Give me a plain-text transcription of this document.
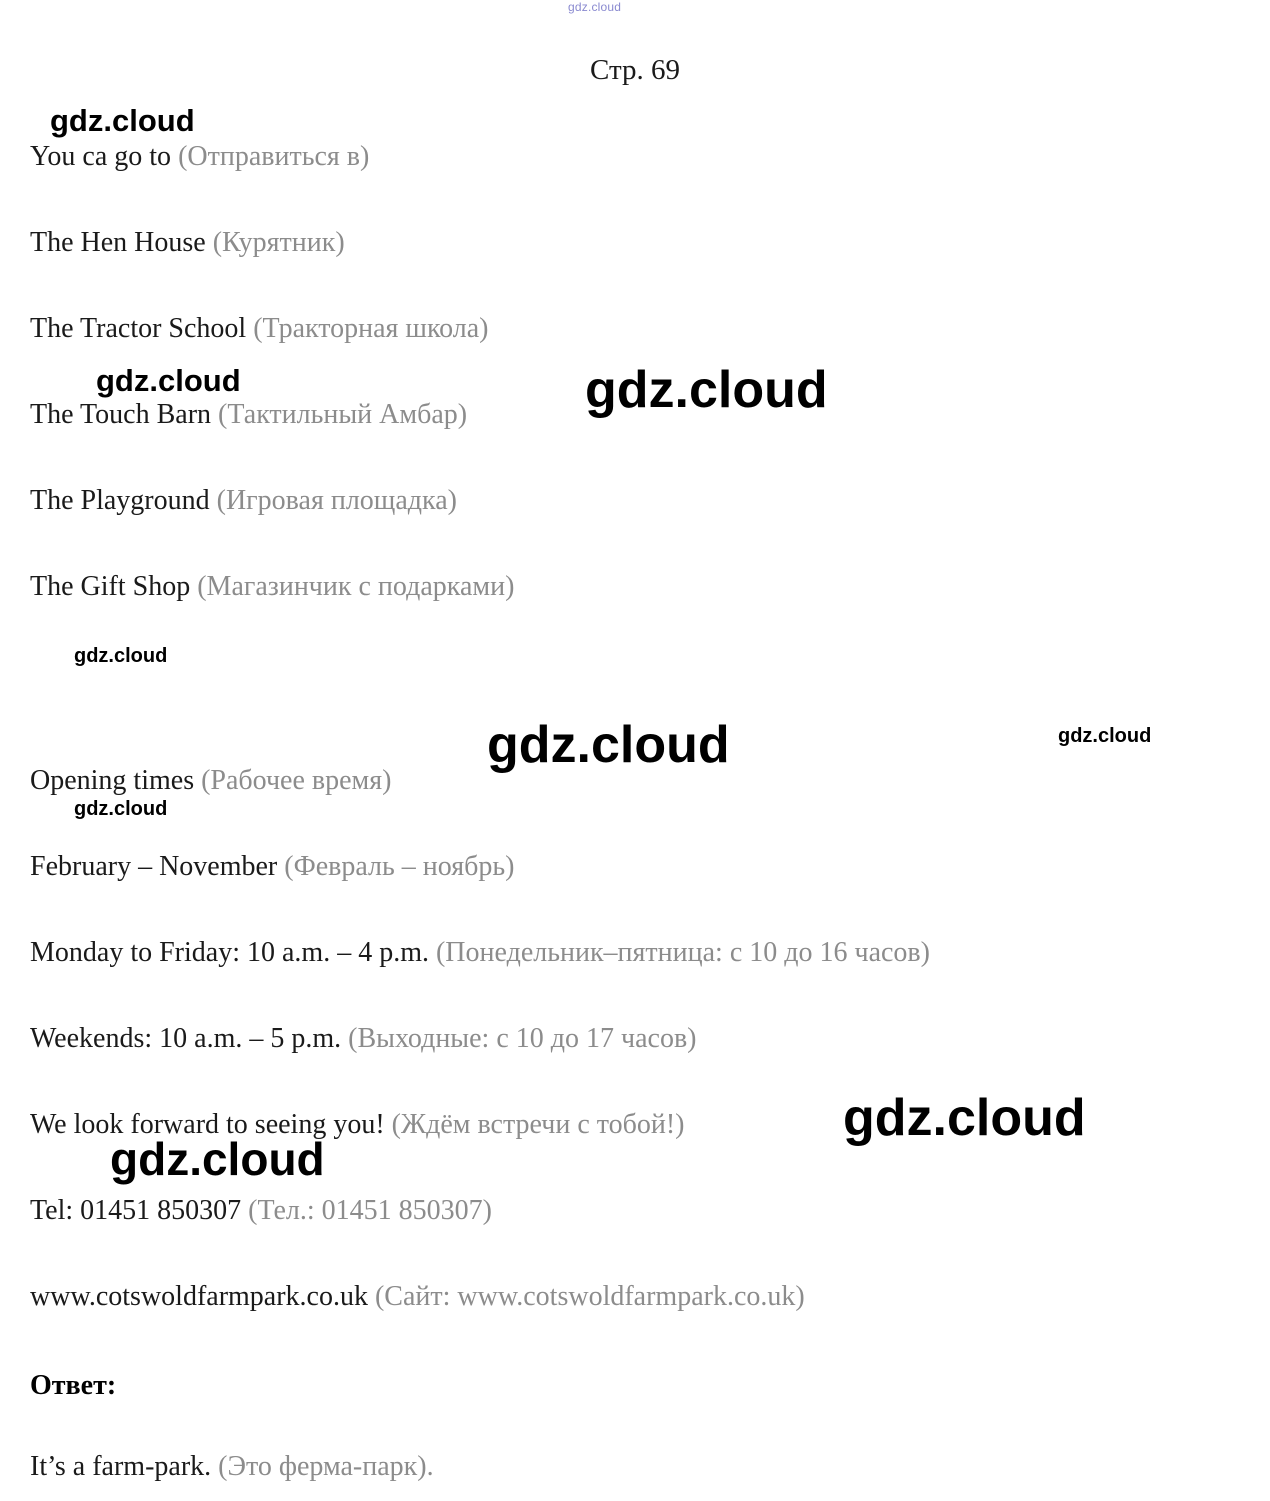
gdz.cloud
Стр. 69
You ca go to (Отправиться в)
The Hen House (Курятник)
The Tractor School (Тракторная школа)
The Touch Barn (Тактильный Амбар)
The Playground (Игровая площадка)
The Gift Shop (Магазинчик с подарками)
Opening times (Рабочее время)
February – November (Февраль – ноябрь)
Monday to Friday: 10 a.m. – 4 p.m. (Понедельник–пятница: с 10 до 16 часов)
Weekends: 10 a.m. – 5 p.m. (Выходные: с 10 до 17 часов)
We look forward to seeing you! (Ждём встречи с тобой!)
Tel: 01451 850307 (Тел.: 01451 850307)
www.cotswoldfarmpark.co.uk (Сайт: www.cotswoldfarmpark.co.uk)
Ответ:
It’s a farm-park. (Это ферма-парк).
gdz.cloud
gdz.cloud	gdz.cloud
gdz.cloud
gdz.cloud	gdz.cloud
gdz.cloud
gdz.cloud
gdz.cloud
